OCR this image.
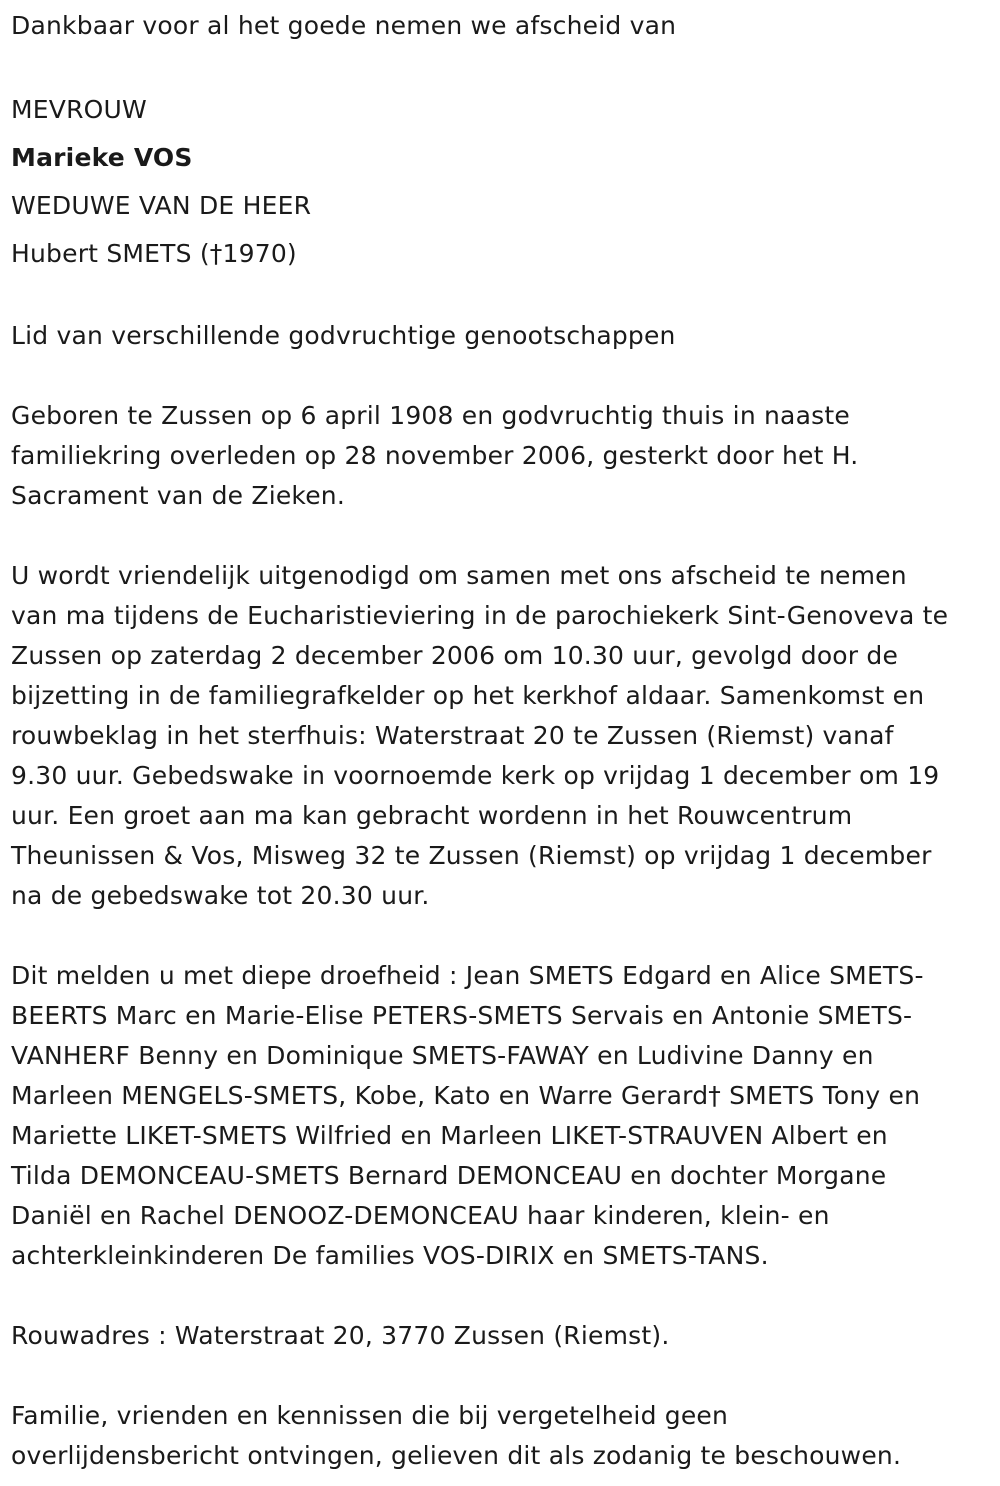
Dankbaar voor al het goede nemen we afscheid van
MEVROUW
Marieke VOS
WEDUWE VAN DE HEER
Hubert SMETS (†1970)
Lid van verschillende godvruchtige genootschappen

Geboren te Zussen op 6 april 1908 en godvruchtig thuis in naaste
familiekring overleden op 28 november 2006, gesterkt door het H.
Sacrament van de Zieken.

U wordt vriendelijk uitgenodigd om samen met ons afscheid te nemen
van ma tijdens de Eucharistieviering in de parochiekerk Sint-Genoveva te
Zussen op zaterdag 2 december 2006 om 10.30 uur, gevolgd door de
bijzetting in de familiegrafkelder op het kerkhof aldaar. Samenkomst en
rouwbeklag in het sterfhuis: Waterstraat 20 te Zussen (Riemst) vanaf
9.30 uur. Gebedswake in voornoemde kerk op vrijdag 1 december om 19
uur. Een groet aan ma kan gebracht wordenn in het Rouwcentrum
Theunissen & Vos, Misweg 32 te Zussen (Riemst) op vrijdag 1 december
na de gebedswake tot 20.30 uur.

Dit melden u met diepe droefheid : Jean SMETS Edgard en Alice SMETS-
BEERTS Marc en Marie-Elise PETERS-SMETS Servais en Antonie SMETS-
VANHERF Benny en Dominique SMETS-FAWAY en Ludivine Danny en
Marleen MENGELS-SMETS, Kobe, Kato en Warre Gerard† SMETS Tony en
Mariette LIKET-SMETS Wilfried en Marleen LIKET-STRAUVEN Albert en
Tilda DEMONCEAU-SMETS Bernard DEMONCEAU en dochter Morgane
Daniël en Rachel DENOOZ-DEMONCEAU haar kinderen, klein- en
achterkleinkinderen De families VOS-DIRIX en SMETS-TANS.

Rouwadres : Waterstraat 20, 3770 Zussen (Riemst).

Familie, vrienden en kennissen die bij vergetelheid geen
overlijdensbericht ontvingen, gelieven dit als zodanig te beschouwen.
